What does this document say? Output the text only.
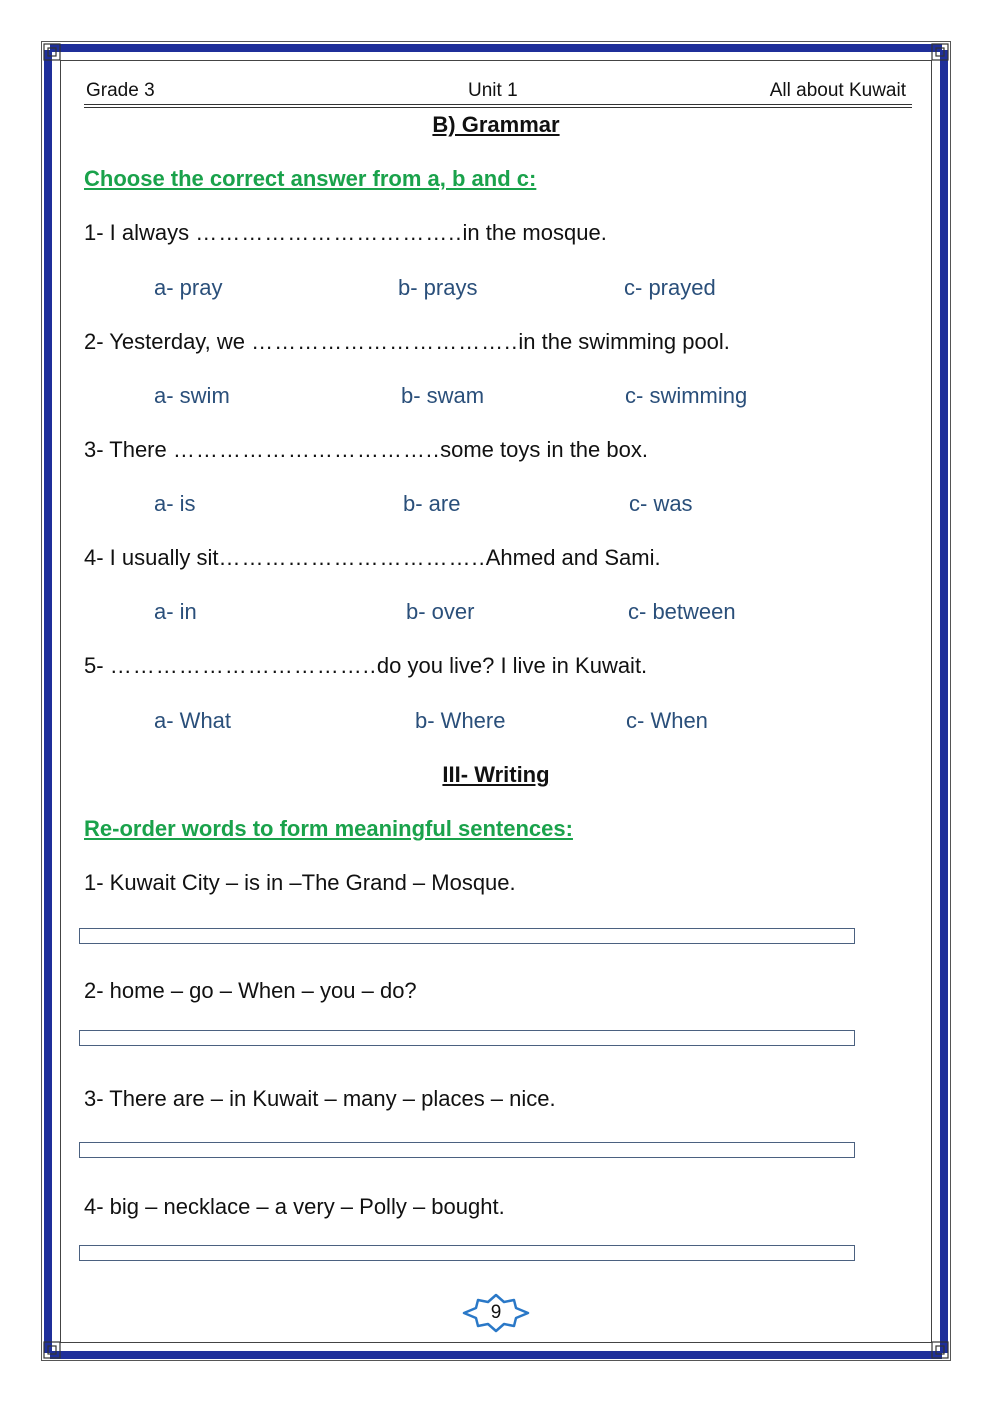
Grade 3	Unit 1	All about Kuwait
B) Grammar
Choose the correct answer from a, b and c:
1- I always ……………………………..in the mosque.
a- pray	b- prays	c- prayed
2- Yesterday, we ……………………………..in the swimming pool.
a- swim	b- swam	c- swimming
3- There ……………………………..some toys in the box.
a- is	b- are	c- was
4- I usually sit……………………………..Ahmed and Sami.
a- in	b- over	c- between
5- ……………………………..do you live? I live in Kuwait.
a- What	b- Where	c- When
III- Writing
Re-order words to form meaningful sentences:
1- Kuwait City – is in –The Grand – Mosque.
2- home – go – When – you – do?
3- There are – in Kuwait – many – places – nice.
4- big – necklace – a very – Polly – bought.
9
